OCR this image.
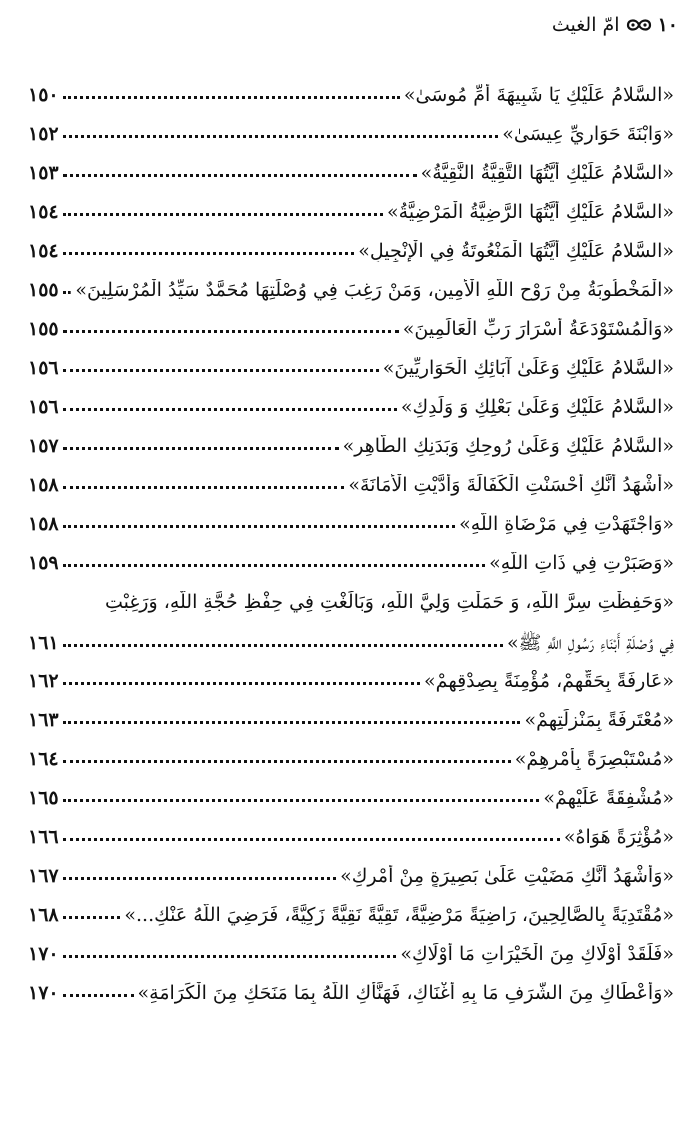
١٠
امّ الغيث
«السَّلامُ عَلَيْكِ يَا شَبِيهَةَ أُمِّ مُوسَىٰ»
١٥٠
«وَابْنَةَ حَوَارِيِّ عِيسَىٰ»
١٥٢
«السَّلامُ عَلَيْكِ أَيَّتُهَا التَّقِيَّةُ النَّقِيَّةُ»
١٥٣
«السَّلامُ عَلَيْكِ أَيَّتُهَا الرَّضِيَّةُ الْمَرْضِيَّةُ»
١٥٤
«السَّلامُ عَلَيْكِ أَيَّتُهَا الْمَنْعُوتَةُ فِي الْإِنْجِيلِ»
١٥٤
«الْمَخْطُوبَةُ مِنْ رَوْحِ اللَّهِ الْأَمِينِ، وَمَنْ رَغِبَ فِي وُصْلَتِهَا مُحَمَّدٌ سَيِّدُ الْمُرْسَلِينَ»
١٥٥
«وَالْمُسْتَوْدَعَةُ أَسْرَارَ رَبِّ الْعَالَمِينَ»
١٥٥
«السَّلامُ عَلَيْكِ وَعَلَىٰ آبَائِكِ الْحَوَارِيِّينَ»
١٥٦
«السَّلامُ عَلَيْكِ وَعَلَىٰ بَعْلِكِ وَ وَلَدِكِ»
١٥٦
«السَّلامُ عَلَيْكِ وَعَلَىٰ رُوحِكِ وَبَدَنِكِ الطَّاهِرِ»
١٥٧
«أَشْهَدُ أَنَّكِ أَحْسَنْتِ الْكَفَالَةَ وَأَدَّيْتِ الْأَمَانَةَ»
١٥٨
«وَاجْتَهَدْتِ فِي مَرْضَاةِ اللَّهِ»
١٥٨
«وَصَبَرْتِ فِي ذَاتِ اللَّهِ»
١٥٩
«وَحَفِظْتِ سِرَّ اللَّهِ، وَ حَمَلْتِ وَلِيَّ اللَّهِ، وَبَالَغْتِ فِي حِفْظِ حُجَّةِ اللَّهِ، وَرَغِبْتِ
فِي وُصْلَةِ أَبْنَاءِ رَسُولِ اللَّهِ ﷺ»
١٦١
«عَارِفَةً بِحَقِّهِمْ، مُؤْمِنَةً بِصِدْقِهِمْ»
١٦٢
«مُعْتَرِفَةً بِمَنْزِلَتِهِمْ»
١٦٣
«مُسْتَبْصِرَةً بِأَمْرِهِمْ»
١٦٤
«مُشْفِقَةً عَلَيْهِمْ»
١٦٥
«مُؤْثِرَةً هَوَاهُ»
١٦٦
«وَأَشْهَدُ أَنَّكِ مَضَيْتِ عَلَىٰ بَصِيرَةٍ مِنْ أَمْرِكِ»
١٦٧
«مُقْتَدِيَةً بِالصَّالِحِينَ، رَاضِيَةً مَرْضِيَّةً، تَقِيَّةً نَقِيَّةً زَكِيَّةً، فَرَضِيَ اللَّهُ عَنْكِ...»
١٦٨
«فَلَقَدْ أَوْلَاكِ مِنَ الْخَيْرَاتِ مَا أَوْلَاكِ»
١٧٠
«وَأَعْطَاكِ مِنَ الشَّرَفِ مَا بِهِ أَغْنَاكِ، فَهَنَّأَكِ اللَّهُ بِمَا مَنَحَكِ مِنَ الْكَرَامَةِ»
١٧٠
